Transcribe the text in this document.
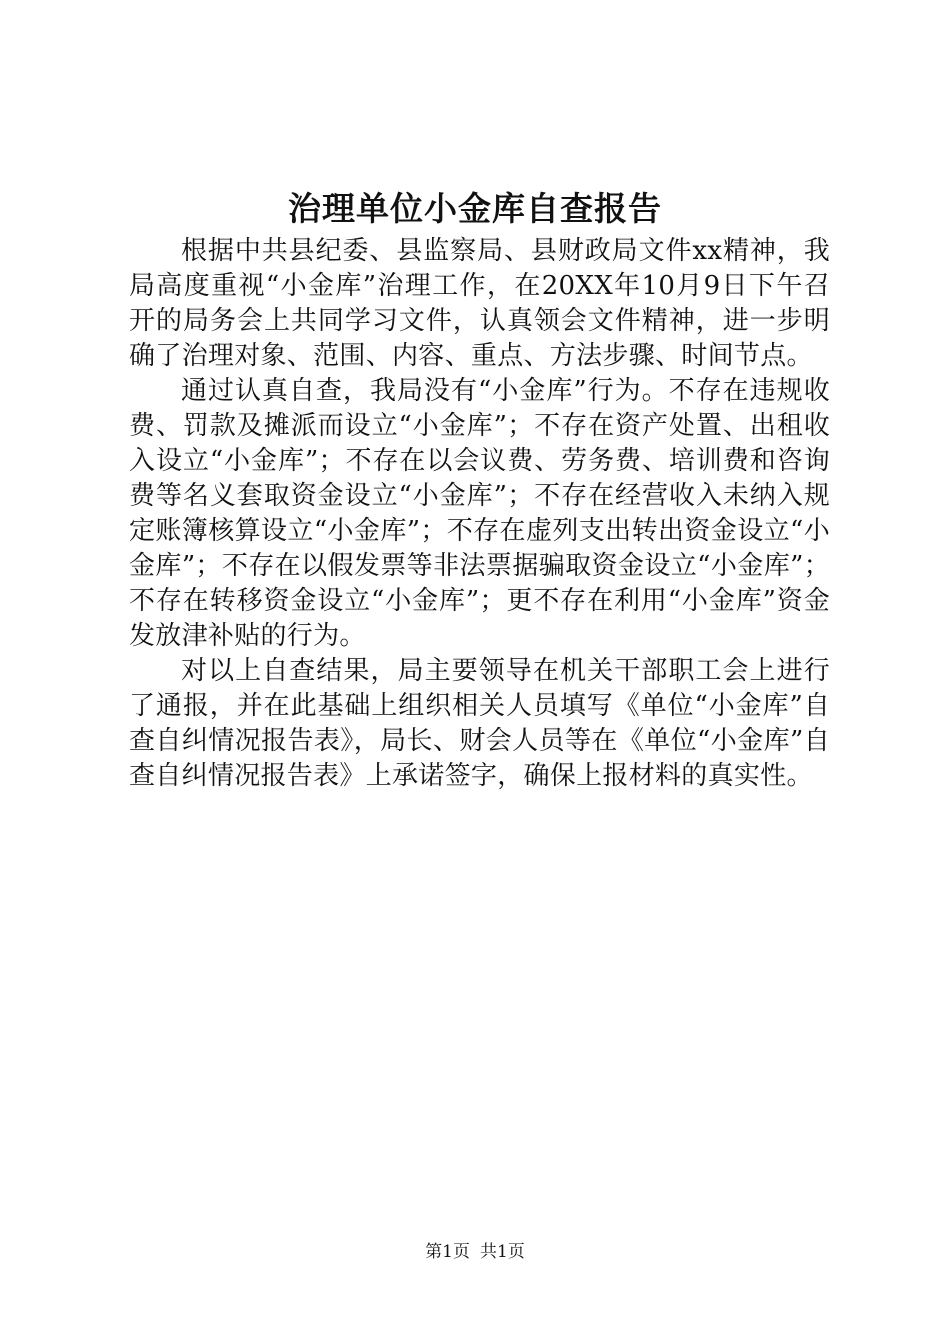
治理单位小金库自查报告

根据中共县纪委、县监察局、县财政局文件xx精神，我局高度重视“小金库”治理工作，在20XX年10月9日下午召开的局务会上共同学习文件，认真领会文件精神，进一步明确了治理对象、范围、内容、重点、方法步骤、时间节点。

通过认真自查，我局没有“小金库”行为。不存在违规收费、罚款及摊派而设立“小金库”；不存在资产处置、出租收入设立“小金库”；不存在以会议费、劳务费、培训费和咨询费等名义套取资金设立“小金库”；不存在经营收入未纳入规定账簿核算设立“小金库”；不存在虚列支出转出资金设立“小金库”；不存在以假发票等非法票据骗取资金设立“小金库”；不存在转移资金设立“小金库”；更不存在利用“小金库”资金发放津补贴的行为。

对以上自查结果，局主要领导在机关干部职工会上进行了通报，并在此基础上组织相关人员填写《单位“小金库”自查自纠情况报告表》，局长、财会人员等在《单位“小金库”自查自纠情况报告表》上承诺签字，确保上报材料的真实性。

第1页 共1页
